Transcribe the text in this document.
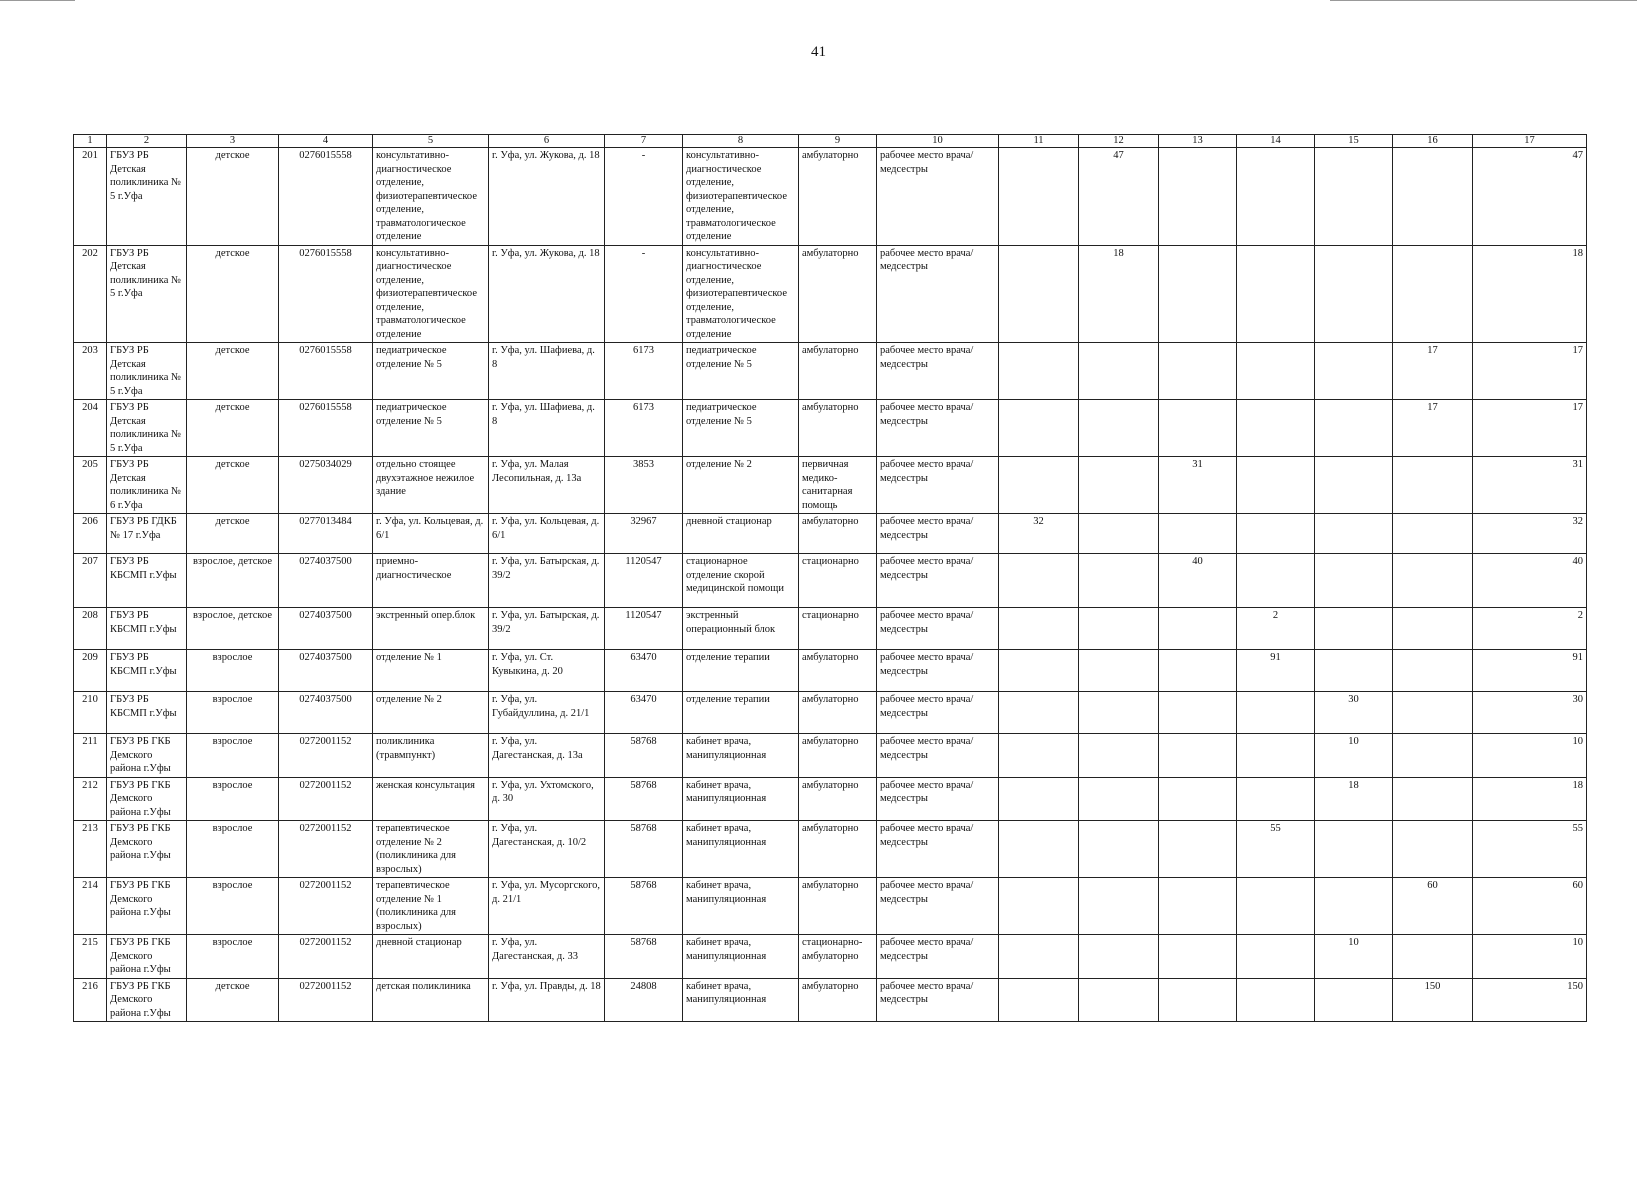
41
1	2	3	4	5	6	7	8	9	10	11	12	13	14	15	16	17
201	ГБУЗ РБ Детская поликлиника № 5 г.Уфа	детское	0276015558	консультативно-диагностическое отделение, физиотерапевтическое отделение, травматологическое отделение	г. Уфа, ул. Жукова, д. 18	-	консультативно-диагностическое отделение, физиотерапевтическое отделение, травматологическое отделение	амбулаторно	рабочее место врача/медсестры		47					47
202	ГБУЗ РБ Детская поликлиника № 5 г.Уфа	детское	0276015558	консультативно-диагностическое отделение, физиотерапевтическое отделение, травматологическое отделение	г. Уфа, ул. Жукова, д. 18	-	консультативно-диагностическое отделение, физиотерапевтическое отделение, травматологическое отделение	амбулаторно	рабочее место врача/медсестры		18					18
203	ГБУЗ РБ Детская поликлиника № 5 г.Уфа	детское	0276015558	педиатрическое отделение № 5	г. Уфа, ул. Шафиева, д. 8	6173	педиатрическое отделение № 5	амбулаторно	рабочее место врача/медсестры						17	17
204	ГБУЗ РБ Детская поликлиника № 5 г.Уфа	детское	0276015558	педиатрическое отделение № 5	г. Уфа, ул. Шафиева, д. 8	6173	педиатрическое отделение № 5	амбулаторно	рабочее место врача/медсестры						17	17
205	ГБУЗ РБ Детская поликлиника № 6 г.Уфа	детское	0275034029	отдельно стоящее двухэтажное нежилое здание	г. Уфа, ул. Малая Лесопильная, д. 13а	3853	отделение № 2	первичная медико-санитарная помощь	рабочее место врача/медсестры			31				31
206	ГБУЗ РБ ГДКБ № 17 г.Уфа	детское	0277013484	г. Уфа, ул. Кольцевая, д. 6/1	г. Уфа, ул. Кольцевая, д. 6/1	32967	дневной стационар	амбулаторно	рабочее место врача/медсестры	32						32
207	ГБУЗ РБ КБСМП г.Уфы	взрослое, детское	0274037500	приемно-диагностическое	г. Уфа, ул. Батырская, д. 39/2	1120547	стационарное отделение скорой медицинской помощи	стационарно	рабочее место врача/медсестры			40				40
208	ГБУЗ РБ КБСМП г.Уфы	взрослое, детское	0274037500	экстренный опер.блок	г. Уфа, ул. Батырская, д. 39/2	1120547	экстренный операционный блок	стационарно	рабочее место врача/медсестры				2			2
209	ГБУЗ РБ КБСМП г.Уфы	взрослое	0274037500	отделение № 1	г. Уфа, ул. Ст. Кувыкина, д. 20	63470	отделение терапии	амбулаторно	рабочее место врача/медсестры				91			91
210	ГБУЗ РБ КБСМП г.Уфы	взрослое	0274037500	отделение № 2	г. Уфа, ул. Губайдуллина, д. 21/1	63470	отделение терапии	амбулаторно	рабочее место врача/медсестры					30		30
211	ГБУЗ РБ ГКБ Демского района г.Уфы	взрослое	0272001152	поликлиника (травмпункт)	г. Уфа, ул. Дагестанская, д. 13а	58768	кабинет врача, манипуляционная	амбулаторно	рабочее место врача/медсестры					10		10
212	ГБУЗ РБ ГКБ Демского района г.Уфы	взрослое	0272001152	женская консультация	г. Уфа, ул. Ухтомского, д. 30	58768	кабинет врача, манипуляционная	амбулаторно	рабочее место врача/медсестры					18		18
213	ГБУЗ РБ ГКБ Демского района г.Уфы	взрослое	0272001152	терапевтическое отделение № 2 (поликлиника для взрослых)	г. Уфа, ул. Дагестанская, д. 10/2	58768	кабинет врача, манипуляционная	амбулаторно	рабочее место врача/медсестры				55			55
214	ГБУЗ РБ ГКБ Демского района г.Уфы	взрослое	0272001152	терапевтическое отделение № 1 (поликлиника для взрослых)	г. Уфа, ул. Мусоргского, д. 21/1	58768	кабинет врача, манипуляционная	амбулаторно	рабочее место врача/медсестры						60	60
215	ГБУЗ РБ ГКБ Демского района г.Уфы	взрослое	0272001152	дневной стационар	г. Уфа, ул. Дагестанская, д. 33	58768	кабинет врача, манипуляционная	стационарно-амбулаторно	рабочее место врача/медсестры					10		10
216	ГБУЗ РБ ГКБ Демского района г.Уфы	детское	0272001152	детская поликлиника	г. Уфа, ул. Правды, д. 18	24808	кабинет врача, манипуляционная	амбулаторно	рабочее место врача/медсестры						150	150
